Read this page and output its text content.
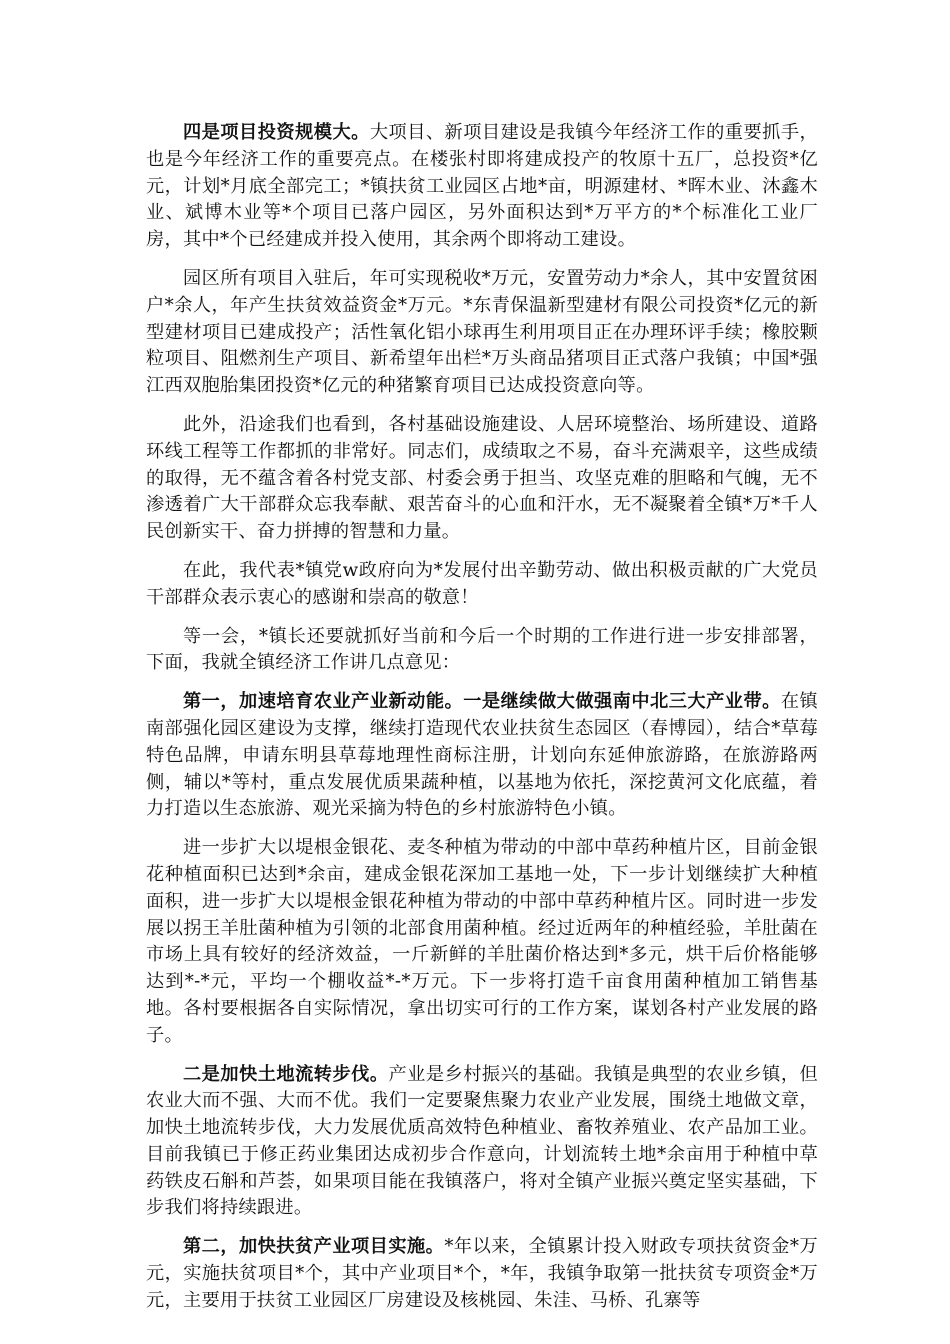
四是项目投资规模大。大项目、新项目建设是我镇今年经济工作的重要抓手，也是今年经济工作的重要亮点。在楼张村即将建成投产的牧原十五厂，总投资*亿元，计划*月底全部完工；*镇扶贫工业园区占地*亩，明源建材、*晖木业、沐鑫木业、斌博木业等*个项目已落户园区，另外面积达到*万平方的*个标准化工业厂房，其中*个已经建成并投入使用，其余两个即将动工建设。

园区所有项目入驻后，年可实现税收*万元，安置劳动力*余人，其中安置贫困户*余人，年产生扶贫效益资金*万元。*东青保温新型建材有限公司投资*亿元的新型建材项目已建成投产；活性氧化铝小球再生利用项目正在办理环评手续；橡胶颗粒项目、阻燃剂生产项目、新希望年出栏*万头商品猪项目正式落户我镇；中国*强江西双胞胎集团投资*亿元的种猪繁育项目已达成投资意向等。

此外，沿途我们也看到，各村基础设施建设、人居环境整治、场所建设、道路环线工程等工作都抓的非常好。同志们，成绩取之不易，奋斗充满艰辛，这些成绩的取得，无不蕴含着各村党支部、村委会勇于担当、攻坚克难的胆略和气魄，无不渗透着广大干部群众忘我奉献、艰苦奋斗的心血和汗水，无不凝聚着全镇*万*千人民创新实干、奋力拼搏的智慧和力量。

在此，我代表*镇党w政府向为*发展付出辛勤劳动、做出积极贡献的广大党员干部群众表示衷心的感谢和崇高的敬意！

等一会，*镇长还要就抓好当前和今后一个时期的工作进行进一步安排部署，下面，我就全镇经济工作讲几点意见：

第一，加速培育农业产业新动能。一是继续做大做强南中北三大产业带。在镇南部强化园区建设为支撑，继续打造现代农业扶贫生态园区（春博园），结合*草莓特色品牌，申请东明县草莓地理性商标注册，计划向东延伸旅游路，在旅游路两侧，辅以*等村，重点发展优质果蔬种植，以基地为依托，深挖黄河文化底蕴，着力打造以生态旅游、观光采摘为特色的乡村旅游特色小镇。

进一步扩大以堤根金银花、麦冬种植为带动的中部中草药种植片区，目前金银花种植面积已达到*余亩，建成金银花深加工基地一处，下一步计划继续扩大种植面积，进一步扩大以堤根金银花种植为带动的中部中草药种植片区。同时进一步发展以拐王羊肚菌种植为引领的北部食用菌种植。经过近两年的种植经验，羊肚菌在市场上具有较好的经济效益，一斤新鲜的羊肚菌价格达到*多元，烘干后价格能够达到*-*元，平均一个棚收益*-*万元。下一步将打造千亩食用菌种植加工销售基地。各村要根据各自实际情况，拿出切实可行的工作方案，谋划各村产业发展的路子。

二是加快土地流转步伐。产业是乡村振兴的基础。我镇是典型的农业乡镇，但农业大而不强、大而不优。我们一定要聚焦聚力农业产业发展，围绕土地做文章，加快土地流转步伐，大力发展优质高效特色种植业、畜牧养殖业、农产品加工业。目前我镇已于修正药业集团达成初步合作意向，计划流转土地*余亩用于种植中草药铁皮石斛和芦荟，如果项目能在我镇落户，将对全镇产业振兴奠定坚实基础，下步我们将持续跟进。

第二，加快扶贫产业项目实施。*年以来，全镇累计投入财政专项扶贫资金*万元，实施扶贫项目*个，其中产业项目*个，*年，我镇争取第一批扶贫专项资金*万元，主要用于扶贫工业园区厂房建设及核桃园、朱洼、马桥、孔寨等
